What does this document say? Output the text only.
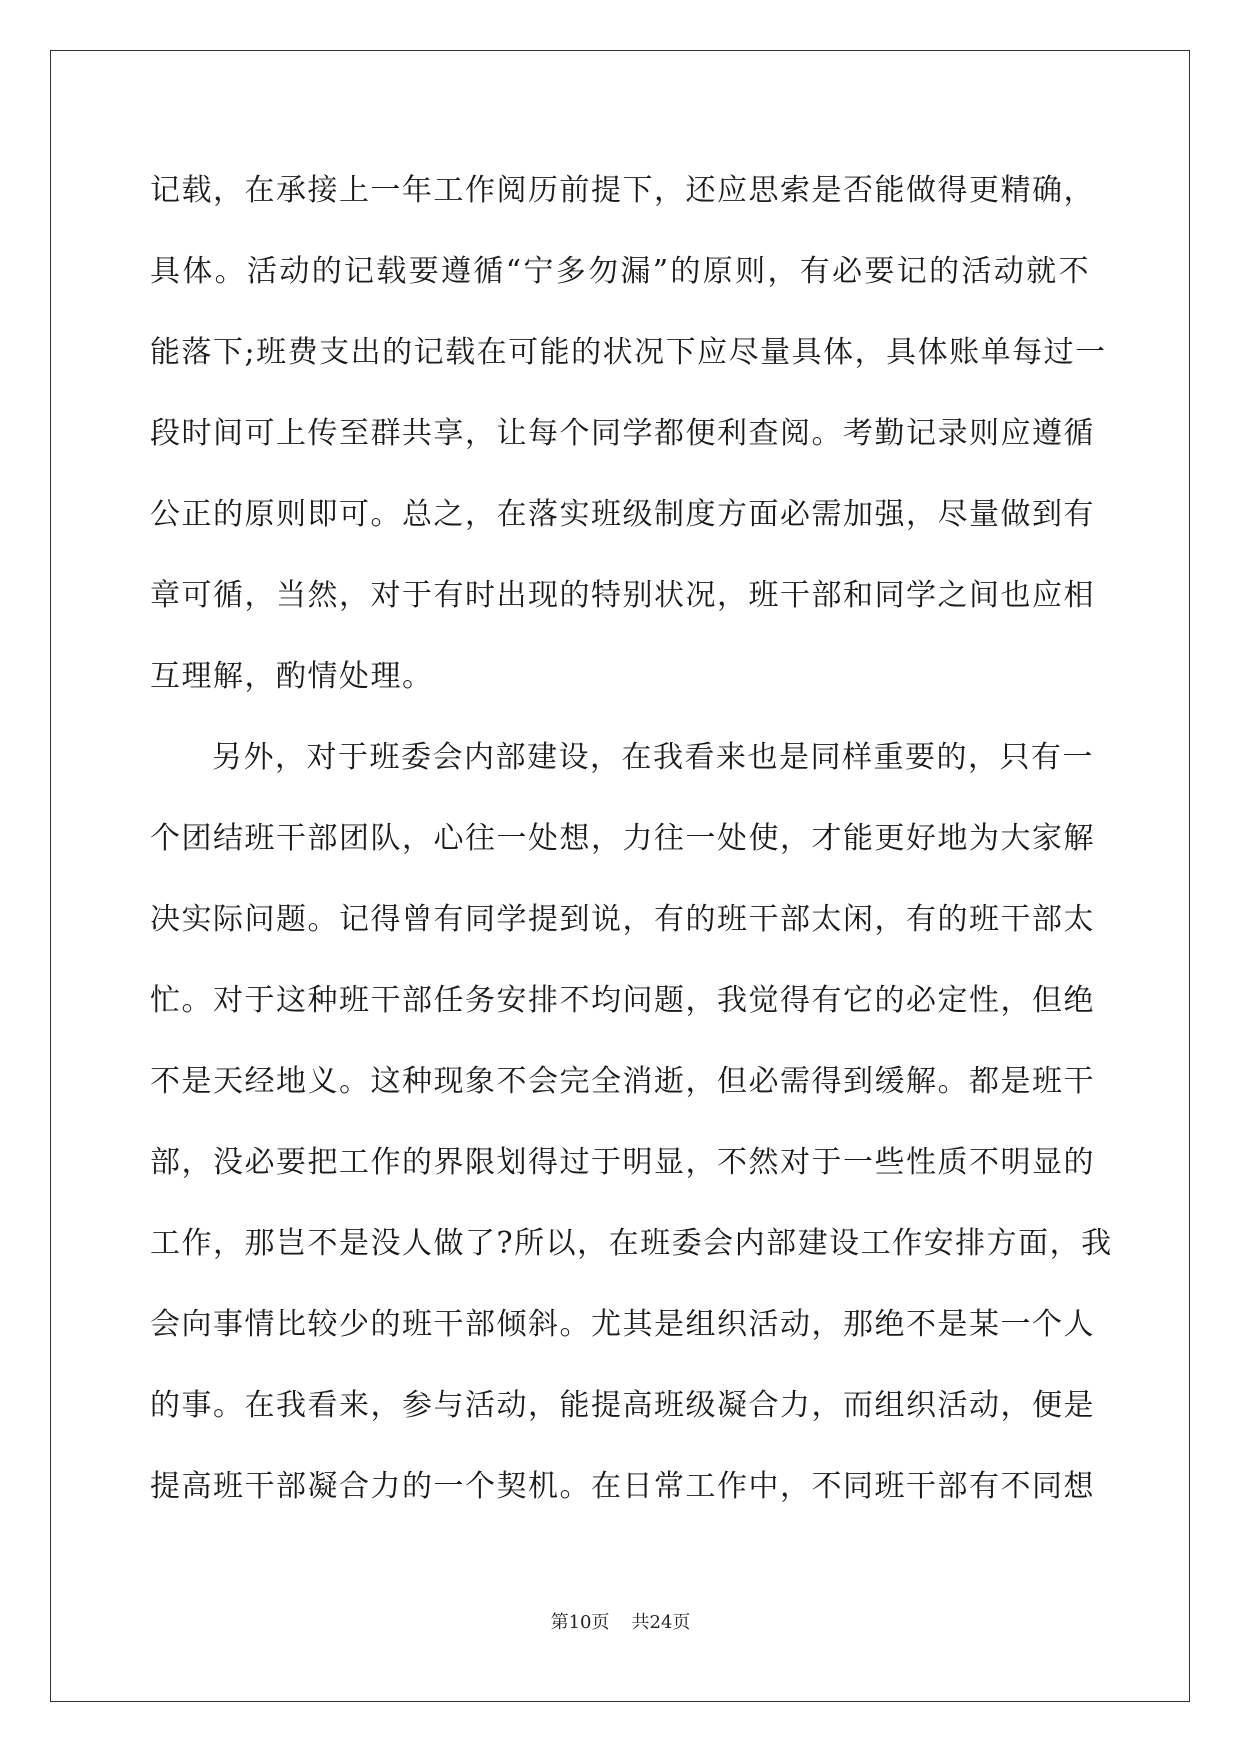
记载，在承接上一年工作阅历前提下，还应思索是否能做得更精确，
具体。活动的记载要遵循“宁多勿漏”的原则，有必要记的活动就不
能落下;班费支出的记载在可能的状况下应尽量具体，具体账单每过一
段时间可上传至群共享，让每个同学都便利查阅。考勤记录则应遵循
公正的原则即可。总之，在落实班级制度方面必需加强，尽量做到有
章可循，当然，对于有时出现的特别状况，班干部和同学之间也应相
互理解，酌情处理。
另外，对于班委会内部建设，在我看来也是同样重要的，只有一
个团结班干部团队，心往一处想，力往一处使，才能更好地为大家解
决实际问题。记得曾有同学提到说，有的班干部太闲，有的班干部太
忙。对于这种班干部任务安排不均问题，我觉得有它的必定性，但绝
不是天经地义。这种现象不会完全消逝，但必需得到缓解。都是班干
部，没必要把工作的界限划得过于明显，不然对于一些性质不明显的
工作，那岂不是没人做了?所以，在班委会内部建设工作安排方面，我
会向事情比较少的班干部倾斜。尤其是组织活动，那绝不是某一个人
的事。在我看来，参与活动，能提高班级凝合力，而组织活动，便是
提高班干部凝合力的一个契机。在日常工作中，不同班干部有不同想
第10页 共24页
